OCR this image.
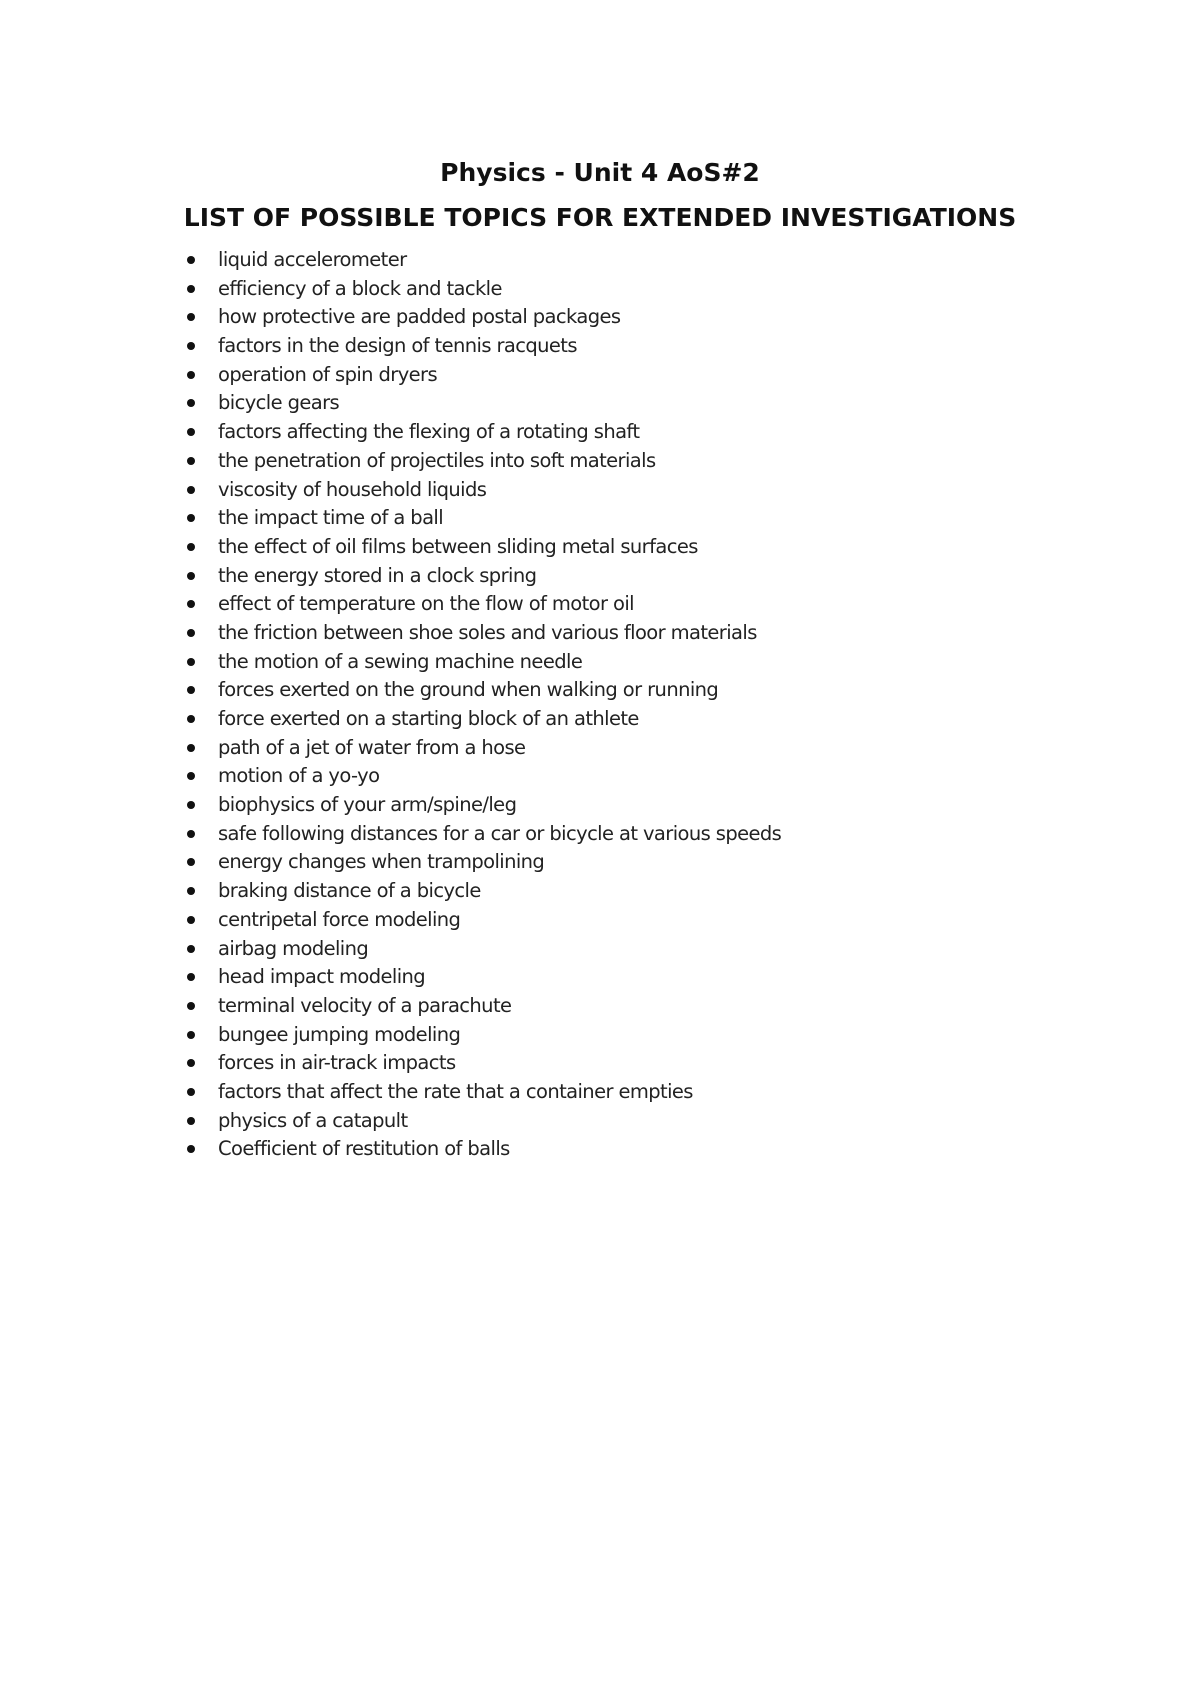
Physics - Unit 4 AoS#2
LIST OF POSSIBLE TOPICS FOR EXTENDED INVESTIGATIONS
liquid accelerometer
efficiency of a block and tackle
how protective are padded postal packages
factors in the design of tennis racquets
operation of spin dryers
bicycle gears
factors affecting the flexing of a rotating shaft
the penetration of projectiles into soft materials
viscosity of household liquids
the impact time of a ball
the effect of oil films between sliding metal surfaces
the energy stored in a clock spring
effect of temperature on the flow of motor oil
the friction between shoe soles and various floor materials
the motion of a sewing machine needle
forces exerted on the ground when walking or running
force exerted on a starting block of an athlete
path of a jet of water from a hose
motion of a yo-yo
biophysics of your arm/spine/leg
safe following distances for a car or bicycle at various speeds
energy changes when trampolining
braking distance of a bicycle
centripetal force modeling
airbag modeling
head impact modeling
terminal velocity of a parachute
bungee jumping modeling
forces in air-track impacts
factors that affect the rate that a container empties
physics of a catapult
Coefficient of restitution of balls
